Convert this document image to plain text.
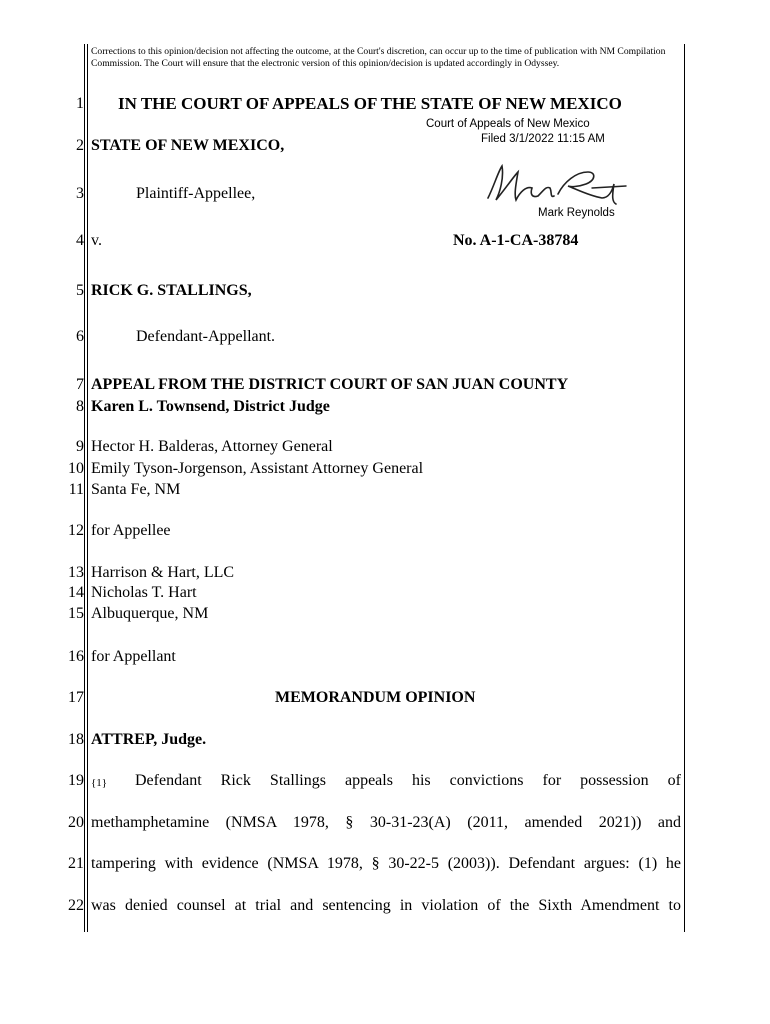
Corrections to this opinion/decision not affecting the outcome, at the Court's discretion, can occur up to the time of publication with NM Compilation Commission. The Court will ensure that the electronic version of this opinion/decision is updated accordingly in Odyssey.
1
2
3
4
5
6
7
8
9
10
11
12
13
14
15
16
17
18
19
20
21
22
IN THE COURT OF APPEALS OF THE STATE OF NEW MEXICO
Court of Appeals of New Mexico
Filed 3/1/2022 11:15 AM
Mark Reynolds
STATE OF NEW MEXICO,
Plaintiff-Appellee,
v.	No. A-1-CA-38784
RICK G. STALLINGS,
Defendant-Appellant.
APPEAL FROM THE DISTRICT COURT OF SAN JUAN COUNTY
Karen L. Townsend, District Judge
Hector H. Balderas, Attorney General
Emily Tyson-Jorgenson, Assistant Attorney General
Santa Fe, NM
for Appellee
Harrison & Hart, LLC
Nicholas T. Hart
Albuquerque, NM
for Appellant
MEMORANDUM OPINION
ATTREP, Judge.
{1} Defendant Rick Stallings appeals his convictions for possession of
methamphetamine (NMSA 1978, § 30-31-23(A) (2011, amended 2021)) and
tampering with evidence (NMSA 1978, § 30-22-5 (2003)). Defendant argues: (1) he
was denied counsel at trial and sentencing in violation of the Sixth Amendment to
